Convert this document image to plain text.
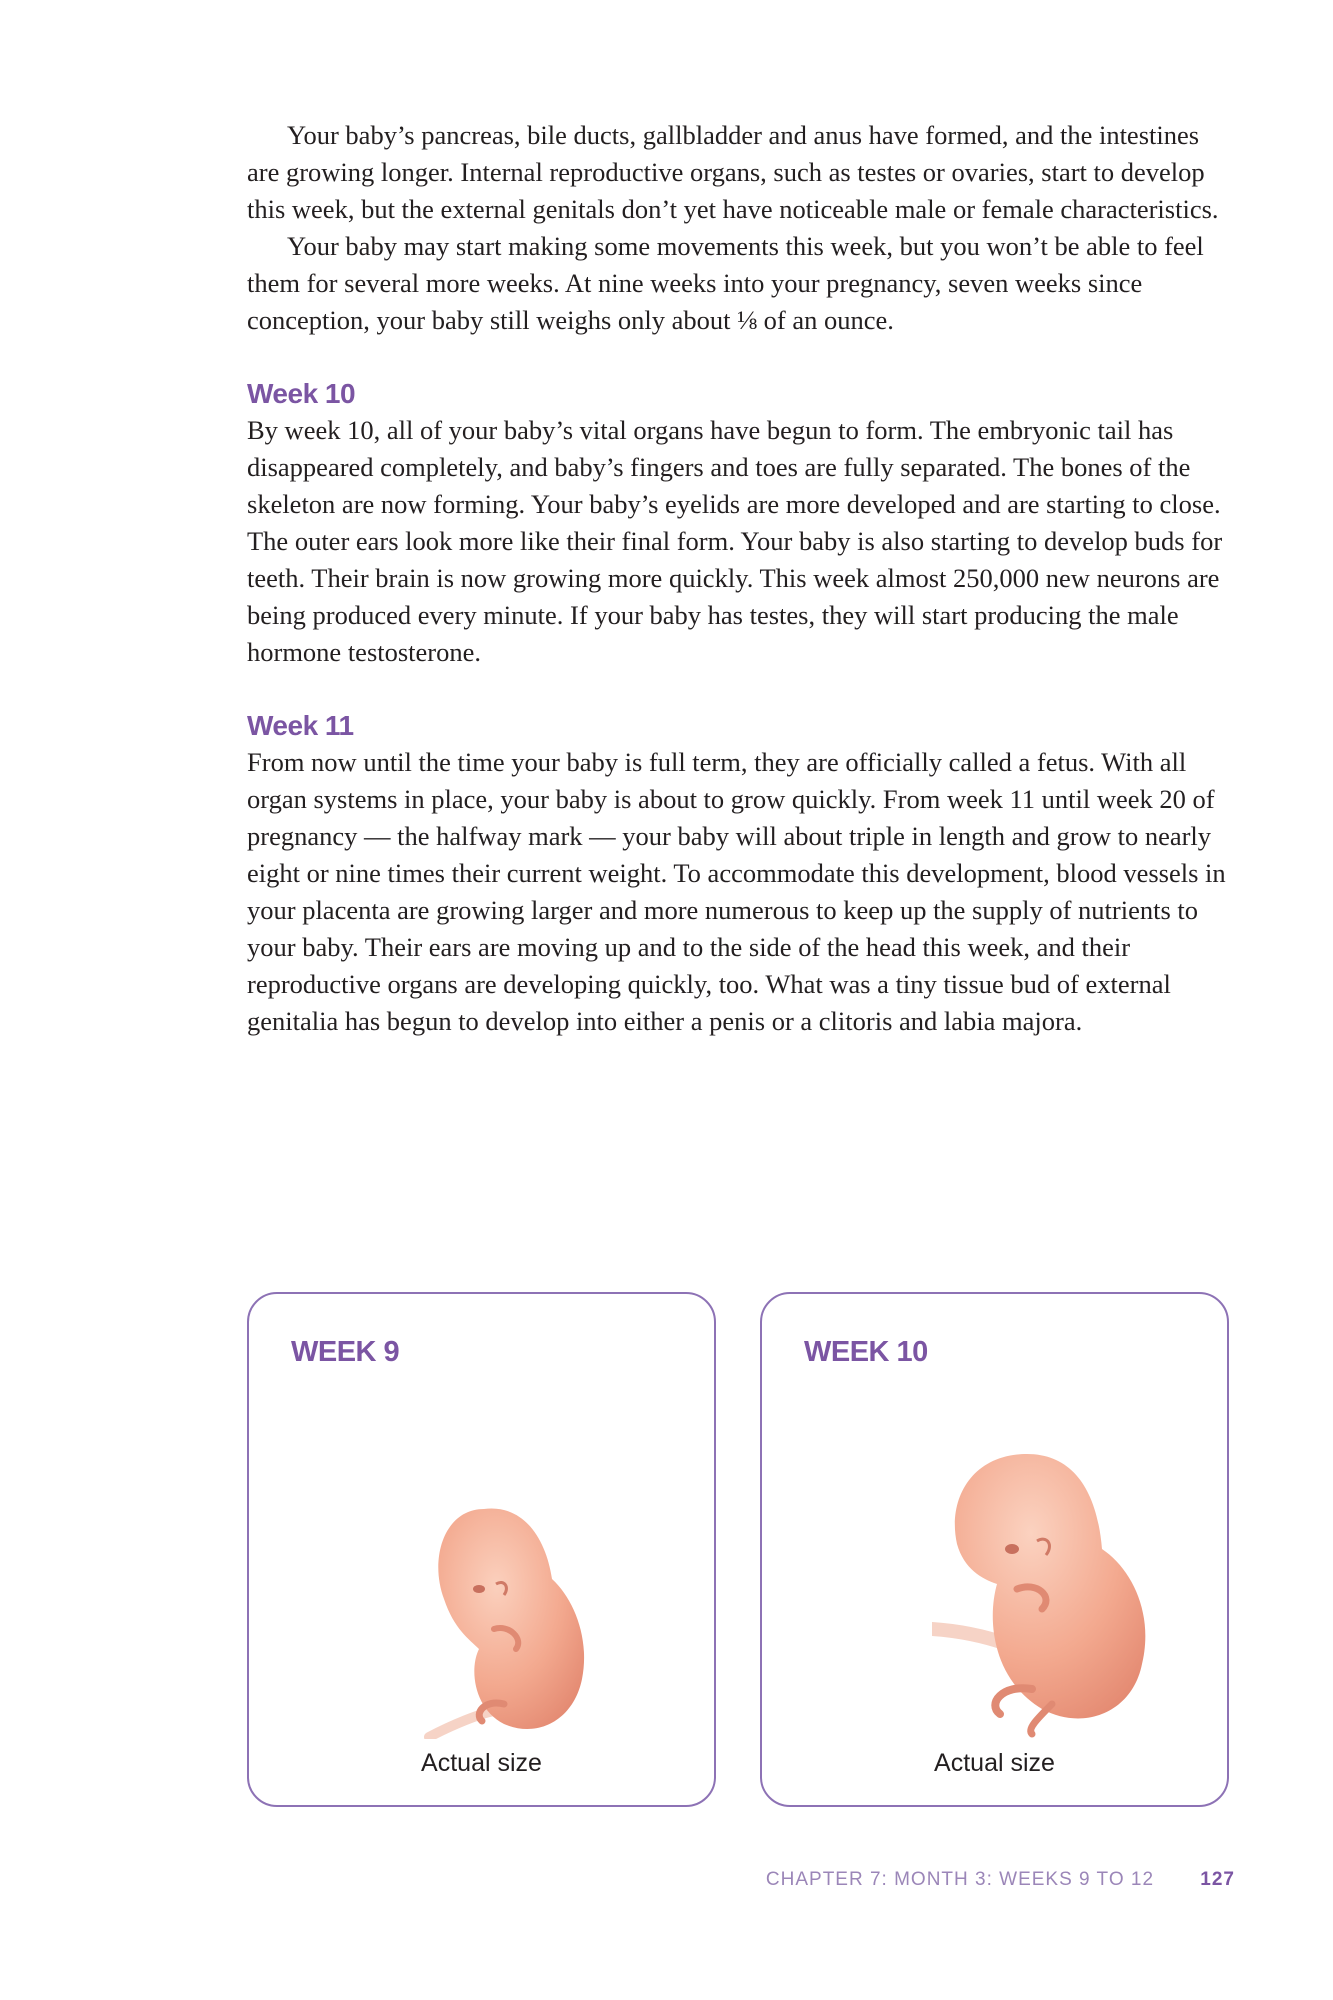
Your baby’s pancreas, bile ducts, gallbladder and anus have formed, and the intestines are growing longer. Internal reproductive organs, such as testes or ovaries, start to develop this week, but the external genitals don’t yet have noticeable male or female characteristics.

Your baby may start making some movements this week, but you won’t be able to feel them for several more weeks. At nine weeks into your pregnancy, seven weeks since conception, your baby still weighs only about ⅛ of an ounce.

Week 10

By week 10, all of your baby’s vital organs have begun to form. The embryonic tail has disappeared completely, and baby’s fingers and toes are fully separated. The bones of the skeleton are now forming. Your baby’s eyelids are more developed and are starting to close. The outer ears look more like their final form. Your baby is also starting to develop buds for teeth. Their brain is now growing more quickly. This week almost 250,000 new neurons are being produced every minute. If your baby has testes, they will start producing the male hormone testosterone.

Week 11

From now until the time your baby is full term, they are officially called a fetus. With all organ systems in place, your baby is about to grow quickly. From week 11 until week 20 of pregnancy — the halfway mark — your baby will about triple in length and grow to nearly eight or nine times their current weight. To accommodate this development, blood vessels in your placenta are growing larger and more numerous to keep up the supply of nutrients to your baby. Their ears are moving up and to the side of the head this week, and their reproductive organs are developing quickly, too. What was a tiny tissue bud of external genitalia has begun to develop into either a penis or a clitoris and labia majora.

WEEK 9
Actual size
WEEK 10
Actual size
CHAPTER 7: MONTH 3: WEEKS 9 TO 12 127
